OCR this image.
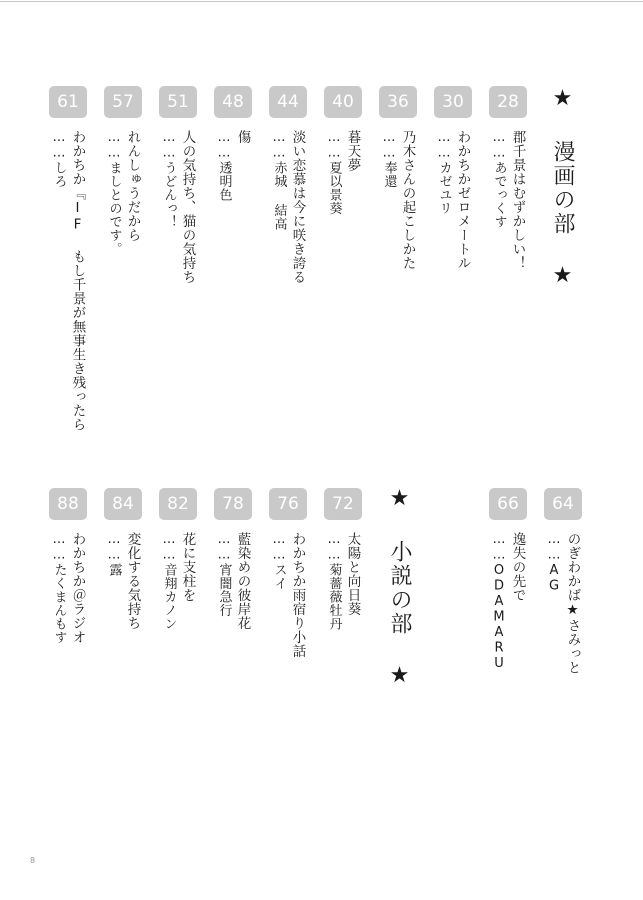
★ 漫画の部 ★
28
郡千景はむずかしい！
……あでっくす
30
わかちかゼロメートル
……カゼユリ
36
乃木さんの起こしかた
……奉還
40
暮天夢
……夏以景葵
44
淡い恋慕は今に咲き誇る
……赤城 結高
48
傷
……透明色
51
人の気持ち、猫の気持ち
……うどんっ！
57
れんしゅうだから
……ましとのです。
61
わかちか『IF もし千景が無事生き残ったら
……しろ
64
のぎわかば★さみっと
……AG
66
逸失の先で
……ODAMARU
★ 小説の部 ★
72
太陽と向日葵
……菊薔薇牡丹
76
わかちか雨宿り小話
……スイ
78
藍染めの彼岸花
……宵闇急行
82
花に支柱を
……音翔カノン
84
変化する気持ち
……露
88
わかちか＠ラジオ
……たくまんもす
8
